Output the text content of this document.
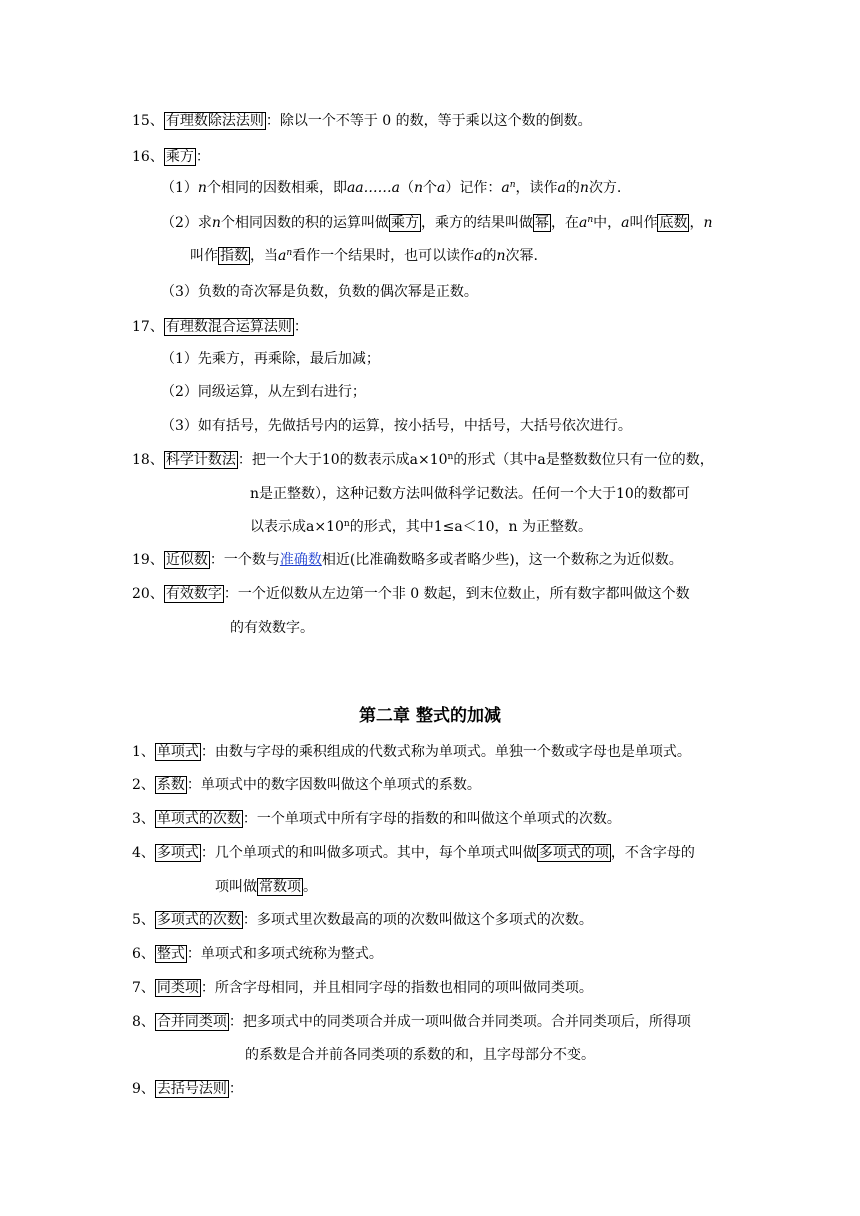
15、 有理数除法法则 ：除以一个不等于 0 的数，等于乘以这个数的倒数。
16、 乘方 ：
（1）n个相同的因数相乘，即aa……a（n个a）记作：$a^n$，读作a的n次方.
（2）求n个相同因数的积的运算叫做 乘方 ，乘方的结果叫做 幂 ，在$a^n$中，a叫作 底数 ，n
叫作 指数 ，当$a^n$看作一个结果时，也可以读作a的n次幂.
（3）负数的奇次幂是负数，负数的偶次幂是正数。
17、 有理数混合运算法则 ：
（1）先乘方，再乘除，最后加减；
（2）同级运算，从左到右进行；
（3）如有括号，先做括号内的运算，按小括号，中括号，大括号依次进行。
18、 科学计数法 ：把一个大于10的数表示成$a\times 10^n$的形式（其中a是整数数位只有一位的数，
n是正整数），这种记数方法叫做科学记数法。任何一个大于10的数都可
以表示成$a\times 10^n$的形式，其中1≤a＜10，n 为正整数。
19、 近似数 ：一个数与准确数相近(比准确数略多或者略少些)，这一个数称之为近似数。
20、 有效数字 ：一个近似数从左边第一个非 0 数起，到末位数止，所有数字都叫做这个数
的有效数字。
第二章 整式的加减
1、 单项式 ：由数与字母的乘积组成的代数式称为单项式。单独一个数或字母也是单项式。
2、 系数 ：单项式中的数字因数叫做这个单项式的系数。
3、 单项式的次数 ：一个单项式中所有字母的指数的和叫做这个单项式的次数。
4、 多项式 ：几个单项式的和叫做多项式。其中，每个单项式叫做 多项式的项 ，不含字母的
项叫做 常数项 。
5、 多项式的次数 ：多项式里次数最高的项的次数叫做这个多项式的次数。
6、 整式 ：单项式和多项式统称为整式。
7、 同类项 ：所含字母相同，并且相同字母的指数也相同的项叫做同类项。
8、 合并同类项 ：把多项式中的同类项合并成一项叫做合并同类项。合并同类项后，所得项
的系数是合并前各同类项的系数的和，且字母部分不变。
9、 去括号法则 ：
